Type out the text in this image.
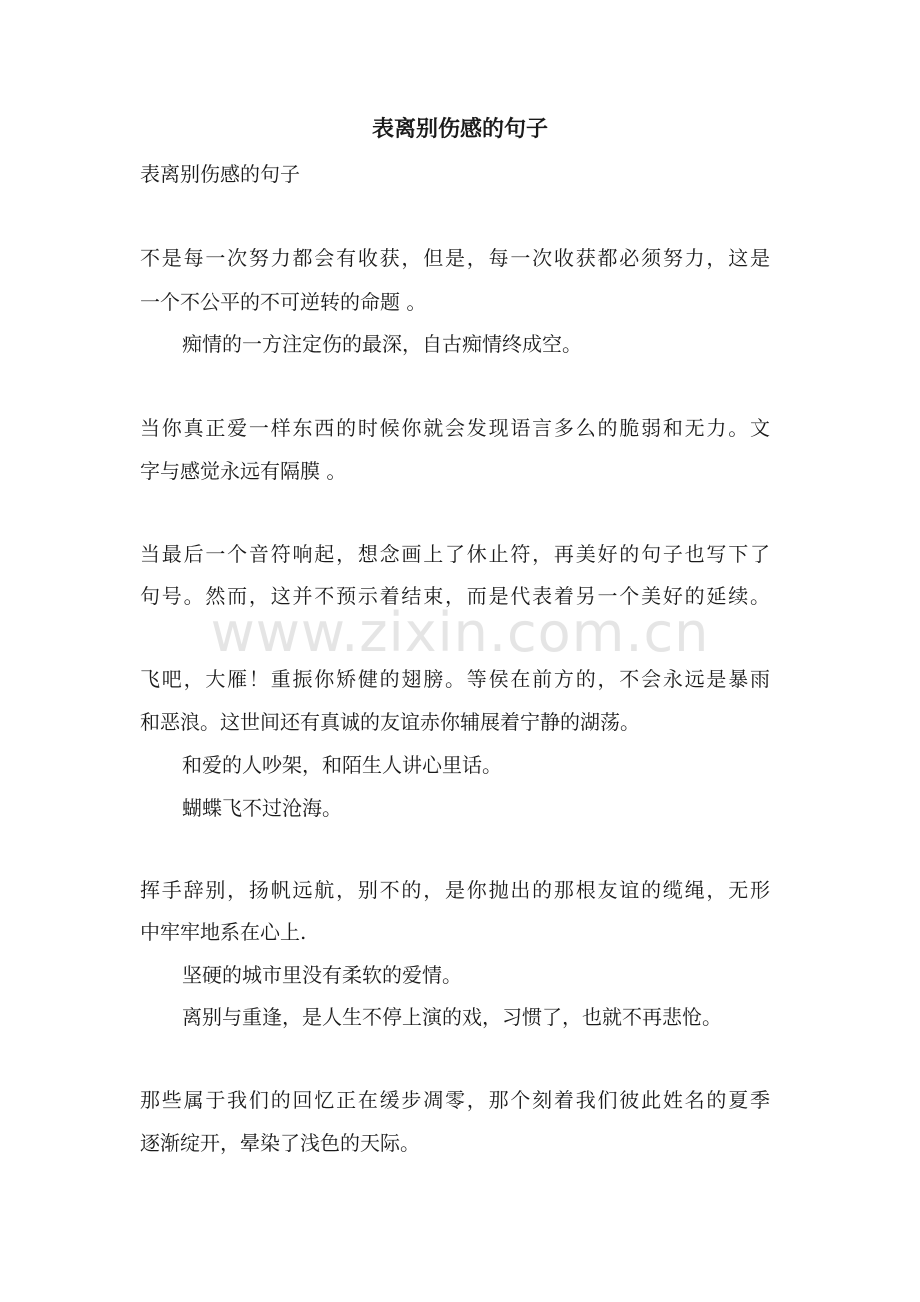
表离别伤感的句子

表离别伤感的句子

不是每一次努力都会有收获，但是，每一次收获都必须努力，这是

一个不公平的不可逆转的命题 。

痴情的一方注定伤的最深，自古痴情终成空。

当你真正爱一样东西的时候你就会发现语言多么的脆弱和无力。文

字与感觉永远有隔膜 。

当最后一个音符响起，想念画上了休止符，再美好的句子也写下了

句号。然而，这并不预示着结束，而是代表着另一个美好的延续。

飞吧，大雁！重振你矫健的翅膀。等侯在前方的，不会永远是暴雨

和恶浪。这世间还有真诚的友谊赤你辅展着宁静的湖荡。

和爱的人吵架，和陌生人讲心里话。

蝴蝶飞不过沧海。

挥手辞别，扬帆远航，别不的，是你抛出的那根友谊的缆绳，无形

中牢牢地系在心上.

坚硬的城市里没有柔软的爱情。

离别与重逢，是人生不停上演的戏，习惯了，也就不再悲怆。

那些属于我们的回忆正在缓步凋零，那个刻着我们彼此姓名的夏季

逐渐绽开，晕染了浅色的天际。

www.zixin.com.cn
